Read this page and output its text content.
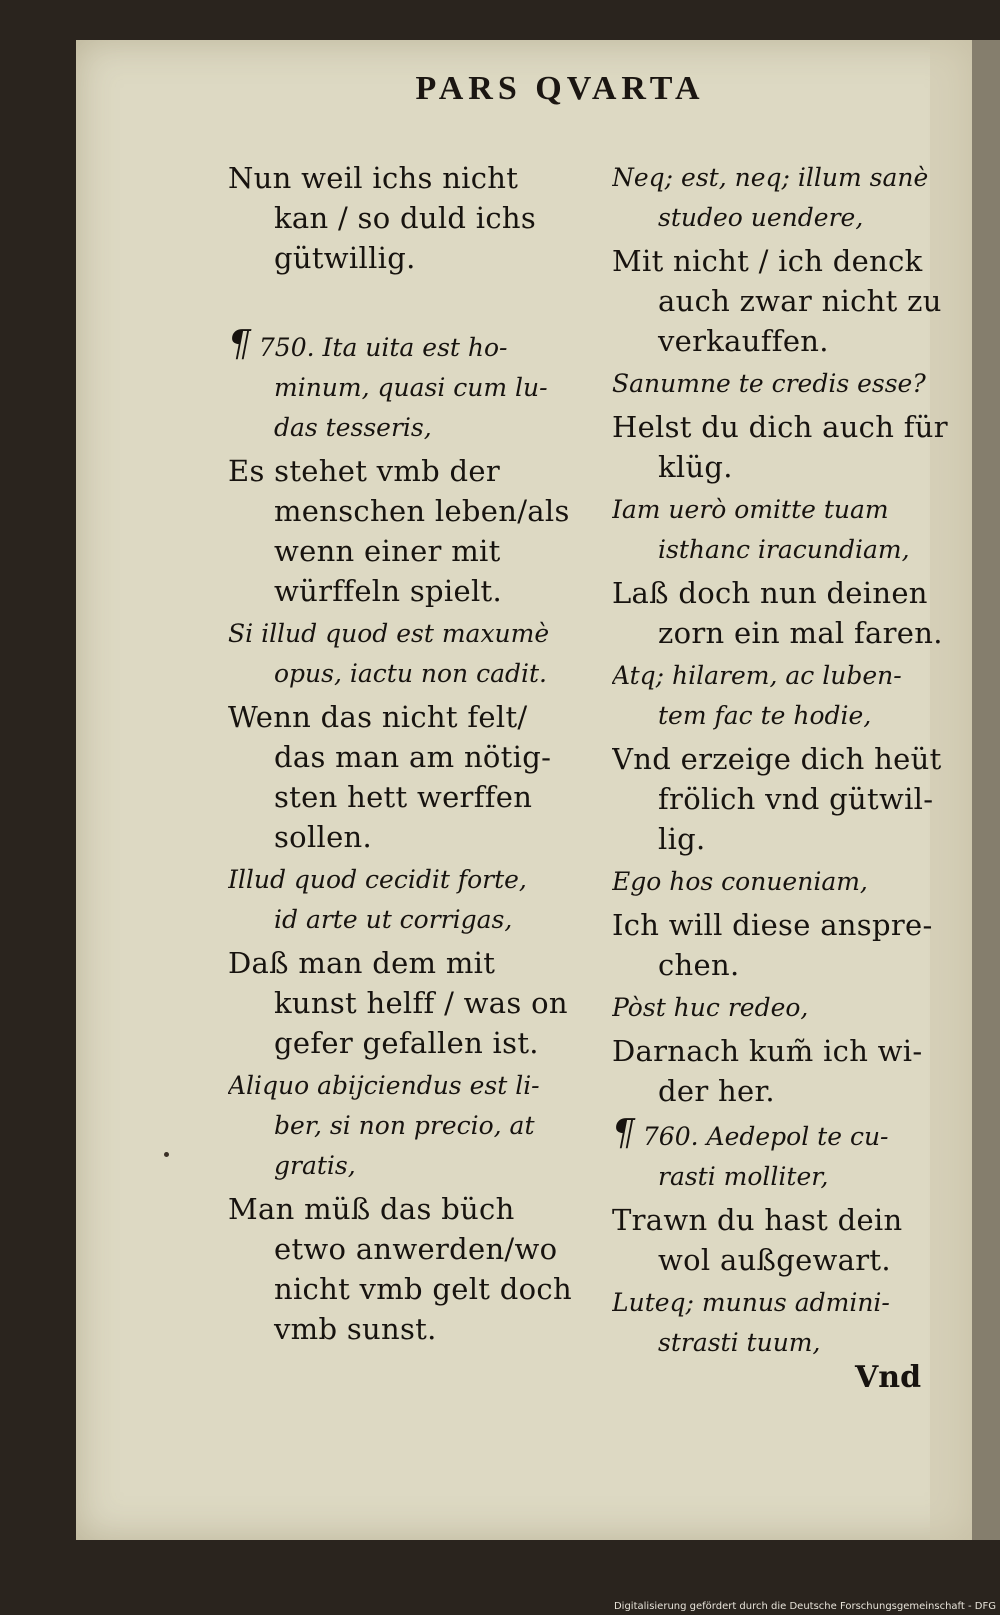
PARS QVARTA
Nun weil ichs nicht
kan / so duld ichs
gütwillig.
¶ 750. Ita uita est ho-
minum, quasi cum lu-
das tesseris,
Es stehet vmb der
menschen leben/als
wenn einer mit
würffeln spielt.
Si illud quod est maxumè
opus, iactu non cadit.
Wenn das nicht felt/
das man am nötig-
sten hett werffen
sollen.
Illud quod cecidit forte,
id arte ut corrigas,
Daß man dem mit
kunst helff / was on
gefer gefallen ist.
Aliquo abijciendus est li-
ber, si non precio, at
gratis,
Man müß das büch
etwo anwerden/wo
nicht vmb gelt doch
vmb sunst.
Neq; est, neq; illum sanè
studeo uendere,
Mit nicht / ich denck
auch zwar nicht zu
verkauffen.
Sanumne te credis esse?
Helst du dich auch für
klüg.
Iam uerò omitte tuam
isthanc iracundiam,
Laß doch nun deinen
zorn ein mal faren.
Atq; hilarem, ac luben-
tem fac te hodie,
Vnd erzeige dich heüt
frölich vnd gütwil-
lig.
Ego hos conueniam,
Ich will diese anspre-
chen.
Pòst huc redeo,
Darnach kum̃ ich wi-
der her.
¶ 760. Aedepol te cu-
rasti molliter,
Trawn du hast dein
wol außgewart.
Luteq; munus admini-
strasti tuum,
Vnd
Digitalisierung gefördert durch die Deutsche Forschungsgemeinschaft - DFG
